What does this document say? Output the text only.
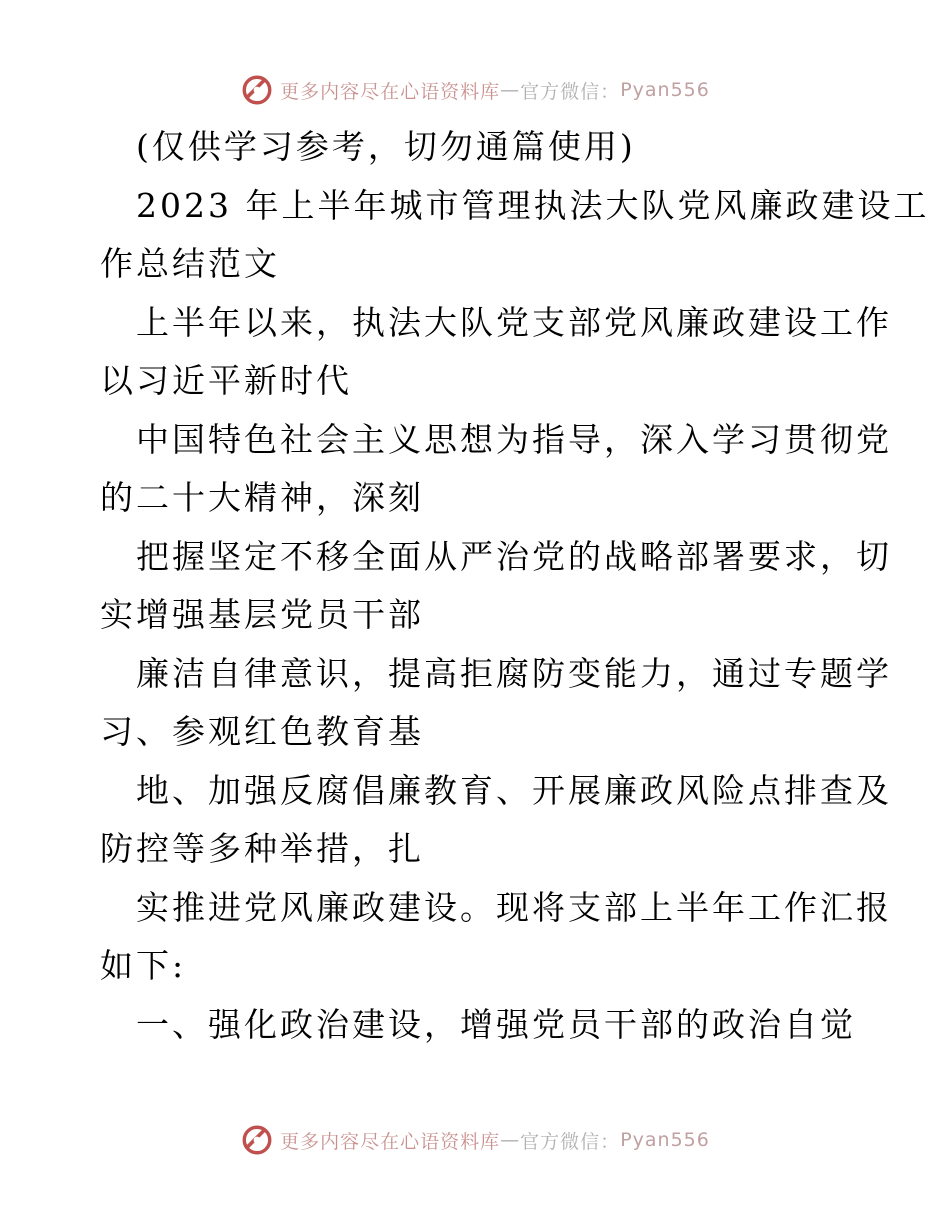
更多内容尽在心语资料库 — 官方微信： Pyan556
(仅供学习参考，切勿通篇使用)
2023 年上半年城市管理执法大队党风廉政建设工
作总结范文
上半年以来，执法大队党支部党风廉政建设工作
以习近平新时代
中国特色社会主义思想为指导，深入学习贯彻党
的二十大精神，深刻
把握坚定不移全面从严治党的战略部署要求，切
实增强基层党员干部
廉洁自律意识，提高拒腐防变能力，通过专题学
习、参观红色教育基
地、加强反腐倡廉教育、开展廉政风险点排查及
防控等多种举措，扎
实推进党风廉政建设。现将支部上半年工作汇报
如下:
一、强化政治建设，增强党员干部的政治自觉
更多内容尽在心语资料库 — 官方微信： Pyan556
